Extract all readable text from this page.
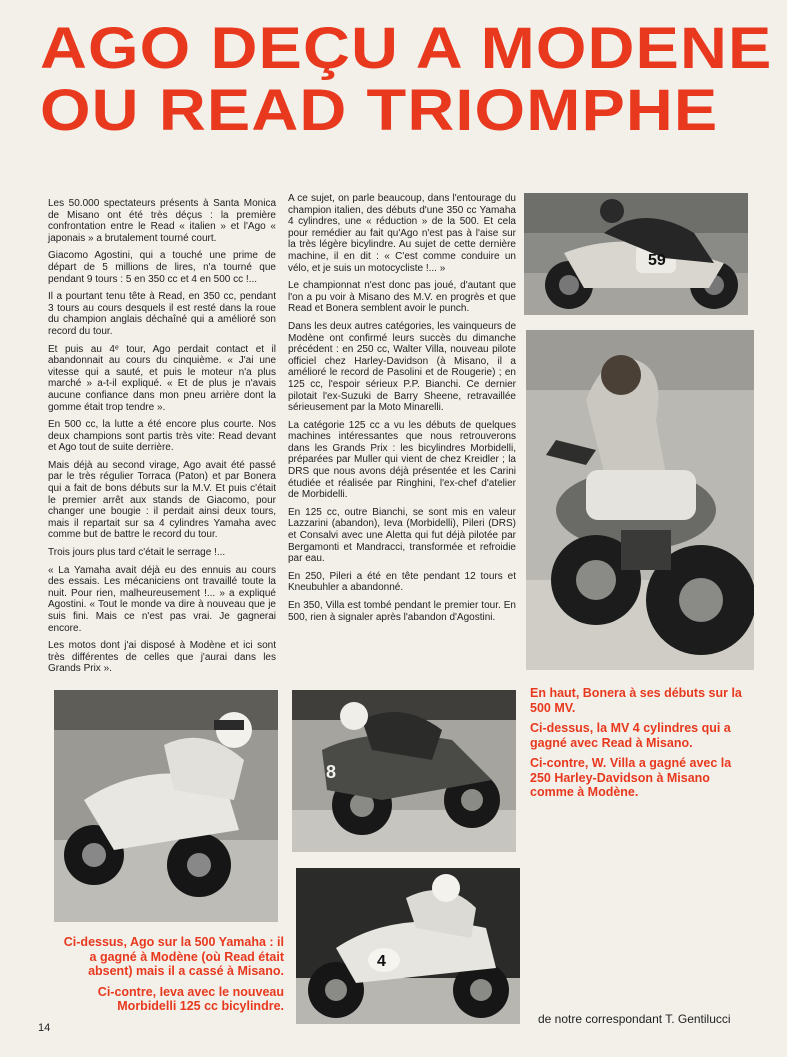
AGO DEÇU A MODENE
OU READ TRIOMPHE

Les 50.000 spectateurs présents à Santa Monica de Misano ont été très déçus : la première confrontation entre le Read « italien » et l'Ago « japonais » a brutalement tourné court.

Giacomo Agostini, qui a touché une prime de départ de 5 millions de lires, n'a tourné que pendant 9 tours : 5 en 350 cc et 4 en 500 cc !...

Il a pourtant tenu tête à Read, en 350 cc, pendant 3 tours au cours desquels il est resté dans la roue du champion anglais déchaîné qui a amélioré son record du tour.

Et puis au 4ᵉ tour, Ago perdait contact et il abandonnait au cours du cinquième. « J'ai une vitesse qui a sauté, et puis le moteur n'a plus marché » a-t-il expliqué. « Et de plus je n'avais aucune confiance dans mon pneu arrière dont la gomme était trop tendre ».

En 500 cc, la lutte a été encore plus courte. Nos deux champions sont partis très vite: Read devant et Ago tout de suite derrière.

Mais déjà au second virage, Ago avait été passé par le très régulier Torraca (Paton) et par Bonera qui a fait de bons débuts sur la M.V. Et puis c'était le premier arrêt aux stands de Giacomo, pour changer une bougie : il perdait ainsi deux tours, mais il repartait sur sa 4 cylindres Yamaha avec comme but de battre le record du tour.

Trois jours plus tard c'était le serrage !...

« La Yamaha avait déjà eu des ennuis au cours des essais. Les mécaniciens ont travaillé toute la nuit. Pour rien, malheureusement !... » a expliqué Agostini. « Tout le monde va dire à nouveau que je suis fini. Mais ce n'est pas vrai. Je gagnerai encore.

Les motos dont j'ai disposé à Modène et ici sont très différentes de celles que j'aurai dans les Grands Prix ».

A ce sujet, on parle beaucoup, dans l'entourage du champion italien, des débuts d'une 350 cc Yamaha 4 cylindres, une « réduction » de la 500. Et cela pour remédier au fait qu'Ago n'est pas à l'aise sur la très légère bicylindre. Au sujet de cette dernière machine, il en dit : « C'est comme conduire un vélo, et je suis un motocycliste !... »

Le championnat n'est donc pas joué, d'autant que l'on a pu voir à Misano des M.V. en progrès et que Read et Bonera semblent avoir le punch.

Dans les deux autres catégories, les vainqueurs de Modène ont confirmé leurs succès du dimanche précédent : en 250 cc, Walter Villa, nouveau pilote officiel chez Harley-Davidson (à Misano, il a amélioré le record de Pasolini et de Rougerie) ; en 125 cc, l'espoir sérieux P.P. Bianchi. Ce dernier pilotait l'ex-Suzuki de Barry Sheene, retravaillée sérieusement par la Moto Minarelli.

La catégorie 125 cc a vu les débuts de quelques machines intéressantes que nous retrouverons dans les Grands Prix : les bicylindres Morbidelli, préparées par Muller qui vient de chez Kreidler ; la DRS que nous avons déjà présentée et les Carini étudiée et réalisée par Ringhini, l'ex-chef d'atelier de Morbidelli.

En 125 cc, outre Bianchi, se sont mis en valeur Lazzarini (abandon), Ieva (Morbidelli), Pileri (DRS) et Consalvi avec une Aletta qui fut déjà pilotée par Bergamonti et Mandracci, transformée et refroidie par eau.

En 250, Pileri a été en tête pendant 12 tours et Kneubuhler a abandonné.

En 350, Villa est tombé pendant le premier tour. En 500, rien à signaler après l'abandon d'Agostini.

59
8
4

En haut, Bonera à ses débuts sur la 500 MV.

Ci-dessus, la MV 4 cylindres qui a gagné avec Read à Misano.

Ci-contre, W. Villa a gagné avec la 250 Harley-Davidson à Misano comme à Modène.

Ci-dessus, Ago sur la 500 Yamaha : il a gagné à Modène (où Read était absent) mais il a cassé à Misano.

Ci-contre, Ieva avec le nouveau Morbidelli 125 cc bicylindre.

de notre correspondant T. Gentilucci
14
